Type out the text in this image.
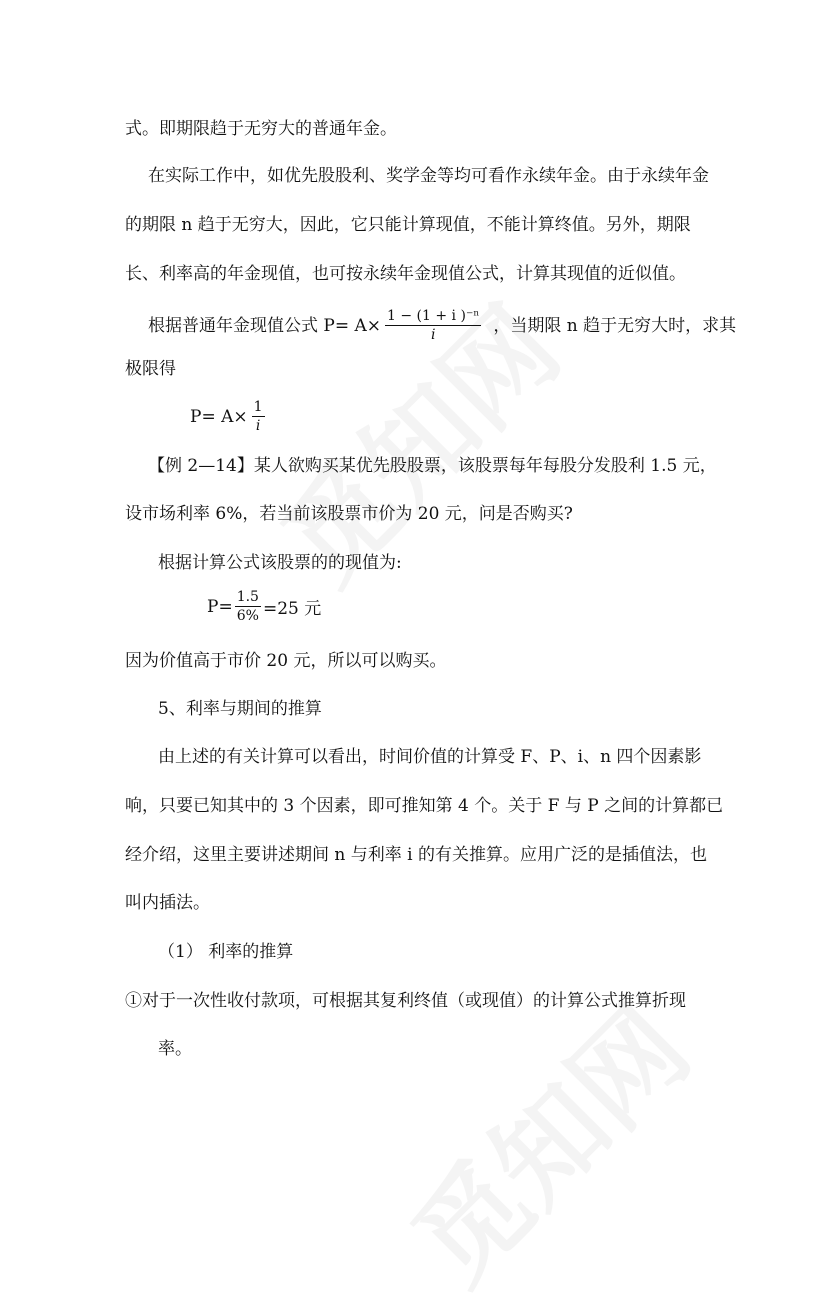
式。即期限趋于无穷大的普通年金。
在实际工作中，如优先股股利、奖学金等均可看作永续年金。由于永续年金
的期限 n 趋于无穷大，因此，它只能计算现值，不能计算终值。另外，期限
长、利率高的年金现值，也可按永续年金现值公式，计算其现值的近似值。
根据普通年金现值公式 $P= A\times \frac{\text{1 − (1 + i )⁻ⁿ}}{i}$ ，当期限 n 趋于无穷大时，求其
极限得
$P= A\times \frac{1}{i}$
【例 2—14】某人欲购买某优先股股票，该股票每年每股分发股利 1.5 元，
设市场利率 6%，若当前该股票市价为 20 元，问是否购买?
根据计算公式该股票的的现值为:
$P= \frac{1.5}{6\%} =25$ 元
因为价值高于市价 20 元，所以可以购买。
5、利率与期间的推算
由上述的有关计算可以看出，时间价值的计算受 F、P、i、n 四个因素影
响，只要已知其中的 3 个因素，即可推知第 4 个。关于 F 与 P 之间的计算都已
经介绍，这里主要讲述期间 n 与利率 i 的有关推算。应用广泛的是插值法，也
叫内插法。
（1） 利率的推算
①对于一次性收付款项，可根据其复利终值（或现值）的计算公式推算折现
率。
